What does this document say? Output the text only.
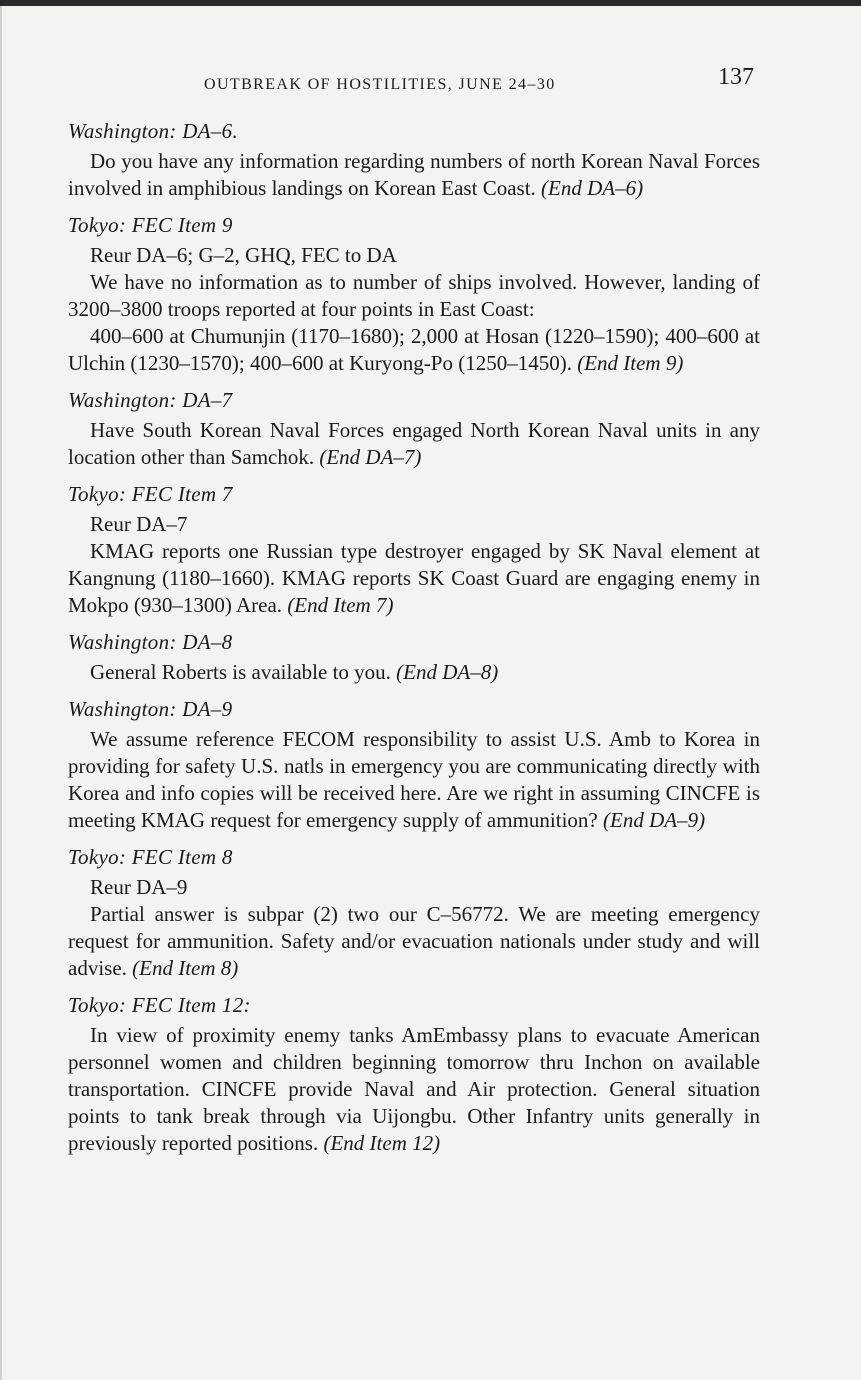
OUTBREAK OF HOSTILITIES, JUNE 24–30	137
Washington: DA–6.

Do you have any information regarding numbers of north Korean Naval Forces involved in amphibious landings on Korean East Coast. (End DA–6)

Tokyo: FEC Item 9

Reur DA–6; G–2, GHQ, FEC to DA

We have no information as to number of ships involved. However, landing of 3200–3800 troops reported at four points in East Coast:

400–600 at Chumunjin (1170–1680); 2,000 at Hosan (1220–1590); 400–600 at Ulchin (1230–1570); 400–600 at Kuryong-Po (1250–1450). (End Item 9)

Washington: DA–7

Have South Korean Naval Forces engaged North Korean Naval units in any location other than Samchok. (End DA–7)

Tokyo: FEC Item 7

Reur DA–7

KMAG reports one Russian type destroyer engaged by SK Naval element at Kangnung (1180–1660). KMAG reports SK Coast Guard are engaging enemy in Mokpo (930–1300) Area. (End Item 7)

Washington: DA–8

General Roberts is available to you. (End DA–8)

Washington: DA–9

We assume reference FECOM responsibility to assist U.S. Amb to Korea in providing for safety U.S. natls in emergency you are communicating directly with Korea and info copies will be received here. Are we right in assuming CINCFE is meeting KMAG request for emergency supply of ammunition? (End DA–9)

Tokyo: FEC Item 8

Reur DA–9

Partial answer is subpar (2) two our C–56772. We are meeting emergency request for ammunition. Safety and/or evacuation nationals under study and will advise. (End Item 8)

Tokyo: FEC Item 12:

In view of proximity enemy tanks AmEmbassy plans to evacuate American personnel women and children beginning tomorrow thru Inchon on available transportation. CINCFE provide Naval and Air protection. General situation points to tank break through via Uijongbu. Other Infantry units generally in previously reported positions. (End Item 12)
